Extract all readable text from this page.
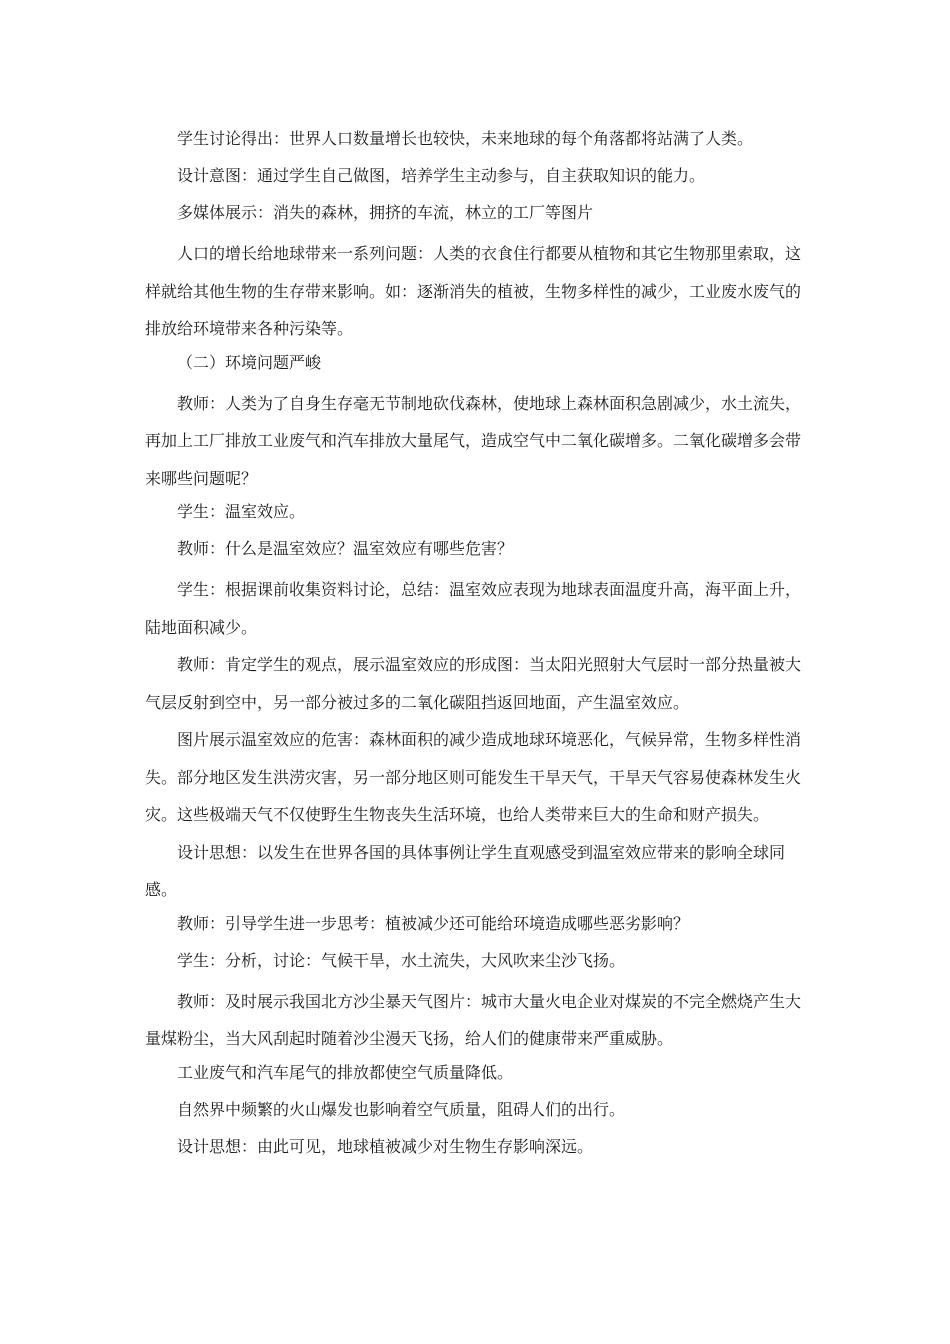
学生讨论得出：世界人口数量增长也较快，未来地球的每个角落都将站满了人类。

设计意图：通过学生自己做图，培养学生主动参与，自主获取知识的能力。

多媒体展示：消失的森林，拥挤的车流，林立的工厂等图片

人口的增长给地球带来一系列问题：人类的衣食住行都要从植物和其它生物那里索取，这样就给其他生物的生存带来影响。如：逐渐消失的植被，生物多样性的减少，工业废水废气的排放给环境带来各种污染等。

（二）环境问题严峻

教师：人类为了自身生存毫无节制地砍伐森林，使地球上森林面积急剧减少，水土流失，再加上工厂排放工业废气和汽车排放大量尾气，造成空气中二氧化碳增多。二氧化碳增多会带来哪些问题呢？

学生：温室效应。

教师：什么是温室效应？温室效应有哪些危害？

学生：根据课前收集资料讨论，总结：温室效应表现为地球表面温度升高，海平面上升，陆地面积减少。

教师：肯定学生的观点，展示温室效应的形成图：当太阳光照射大气层时一部分热量被大气层反射到空中，另一部分被过多的二氧化碳阻挡返回地面，产生温室效应。

图片展示温室效应的危害：森林面积的减少造成地球环境恶化，气候异常，生物多样性消失。部分地区发生洪涝灾害，另一部分地区则可能发生干旱天气，干旱天气容易使森林发生火灾。这些极端天气不仅使野生生物丧失生活环境，也给人类带来巨大的生命和财产损失。

设计思想：以发生在世界各国的具体事例让学生直观感受到温室效应带来的影响全球同感。

教师：引导学生进一步思考：植被减少还可能给环境造成哪些恶劣影响？

学生：分析，讨论：气候干旱，水土流失，大风吹来尘沙飞扬。

教师：及时展示我国北方沙尘暴天气图片：城市大量火电企业对煤炭的不完全燃烧产生大量煤粉尘，当大风刮起时随着沙尘漫天飞扬，给人们的健康带来严重威胁。

工业废气和汽车尾气的排放都使空气质量降低。

自然界中频繁的火山爆发也影响着空气质量，阻碍人们的出行。

设计思想：由此可见，地球植被减少对生物生存影响深远。
